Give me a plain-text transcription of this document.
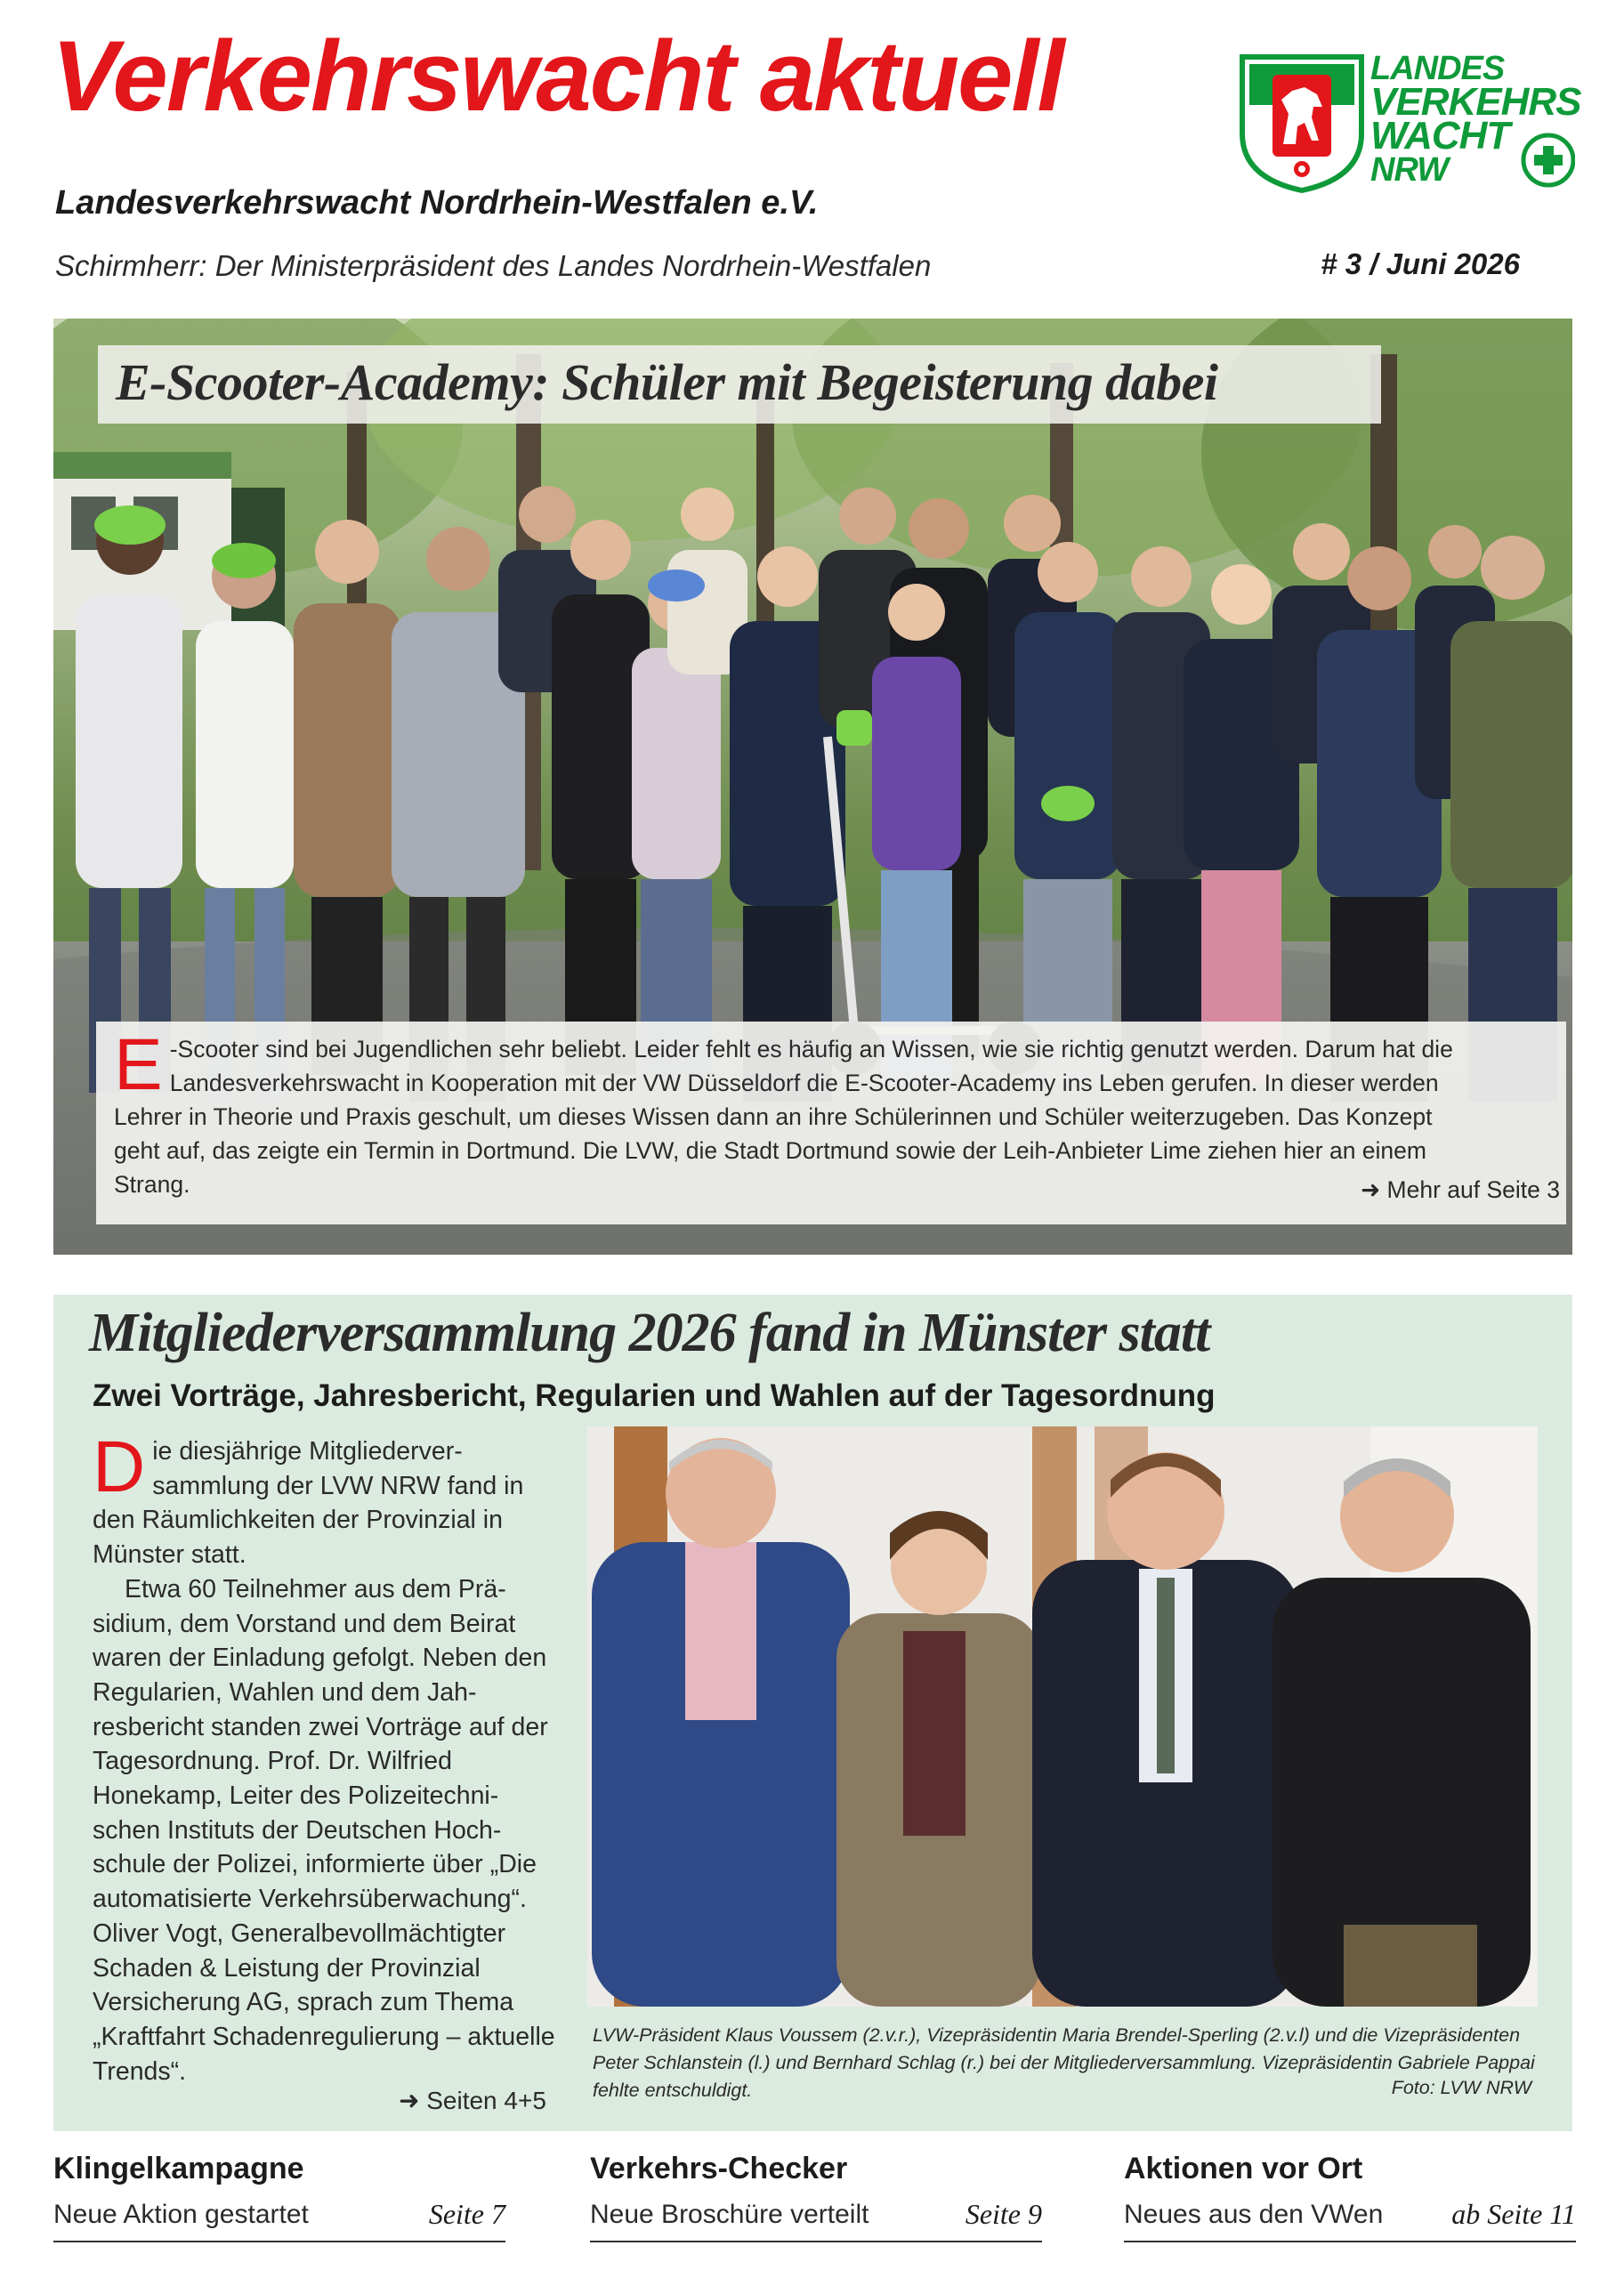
Verkehrswacht aktuell
Landesverkehrswacht Nordrhein-Westfalen e.V.
Schirmherr: Der Ministerpräsident des Landes Nordrhein-Westfalen	# 3 / Juni 2026
LANDES
VERKEHRS
WACHT
NRW
E-Scooter-Academy: Schüler mit Begeisterung dabei
E -Scooter sind bei Jugendlichen sehr beliebt. Leider fehlt es häufig an Wissen, wie sie richtig genutzt werden. Darum hat die Landesverkehrswacht in Kooperation mit der VW Düsseldorf die E-Scooter-Academy ins Leben gerufen. In dieser werden Lehrer in Theorie und Praxis geschult, um dieses Wissen dann an ihre Schülerinnen und Schüler weiterzugeben. Das Konzept geht auf, das zeigte ein Termin in Dortmund. Die LVW, die Stadt Dortmund sowie der Leih-Anbieter Lime ziehen hier an einem Strang.	➜ Mehr auf Seite 3
Mitgliederversammlung 2026 fand in Münster statt
Zwei Vorträge, Jahresbericht, Regularien und Wahlen auf der Tagesordnung

Die diesjährige Mitgliederversammlung der LVW NRW fand in den Räumlichkeiten der Provinzial in Münster statt.

Etwa 60 Teilnehmer aus dem Präsidium, dem Vorstand und dem Beirat waren der Einladung gefolgt. Neben den Regularien, Wahlen und dem Jahresbericht standen zwei Vorträge auf der Tagesordnung. Prof. Dr. Wilfried Honekamp, Leiter des Polizeitechnischen Instituts der Deutschen Hochschule der Polizei, informierte über „Die automatisierte Verkehrsüberwachung“. Oliver Vogt, Generalbevollmächtigter Schaden & Leistung der Provinzial Versicherung AG, sprach zum Thema „Kraftfahrt Schadenregulierung – aktuelle Trends“.

➜ Seiten 4+5
LVW-Präsident Klaus Voussem (2.v.r.), Vizepräsidentin Maria Brendel-Sperling (2.v.l) und die Vizepräsidenten Peter Schlanstein (l.) und Bernhard Schlag (r.) bei der Mitgliederversammlung. Vizepräsidentin Gabriele Pappai fehlte entschuldigt.	Foto: LVW NRW
Klingelkampagne
Neue Aktion gestartet	Seite 7
Verkehrs-Checker
Neue Broschüre verteilt	Seite 9
Aktionen vor Ort
Neues aus den VWen ab Seite 11
